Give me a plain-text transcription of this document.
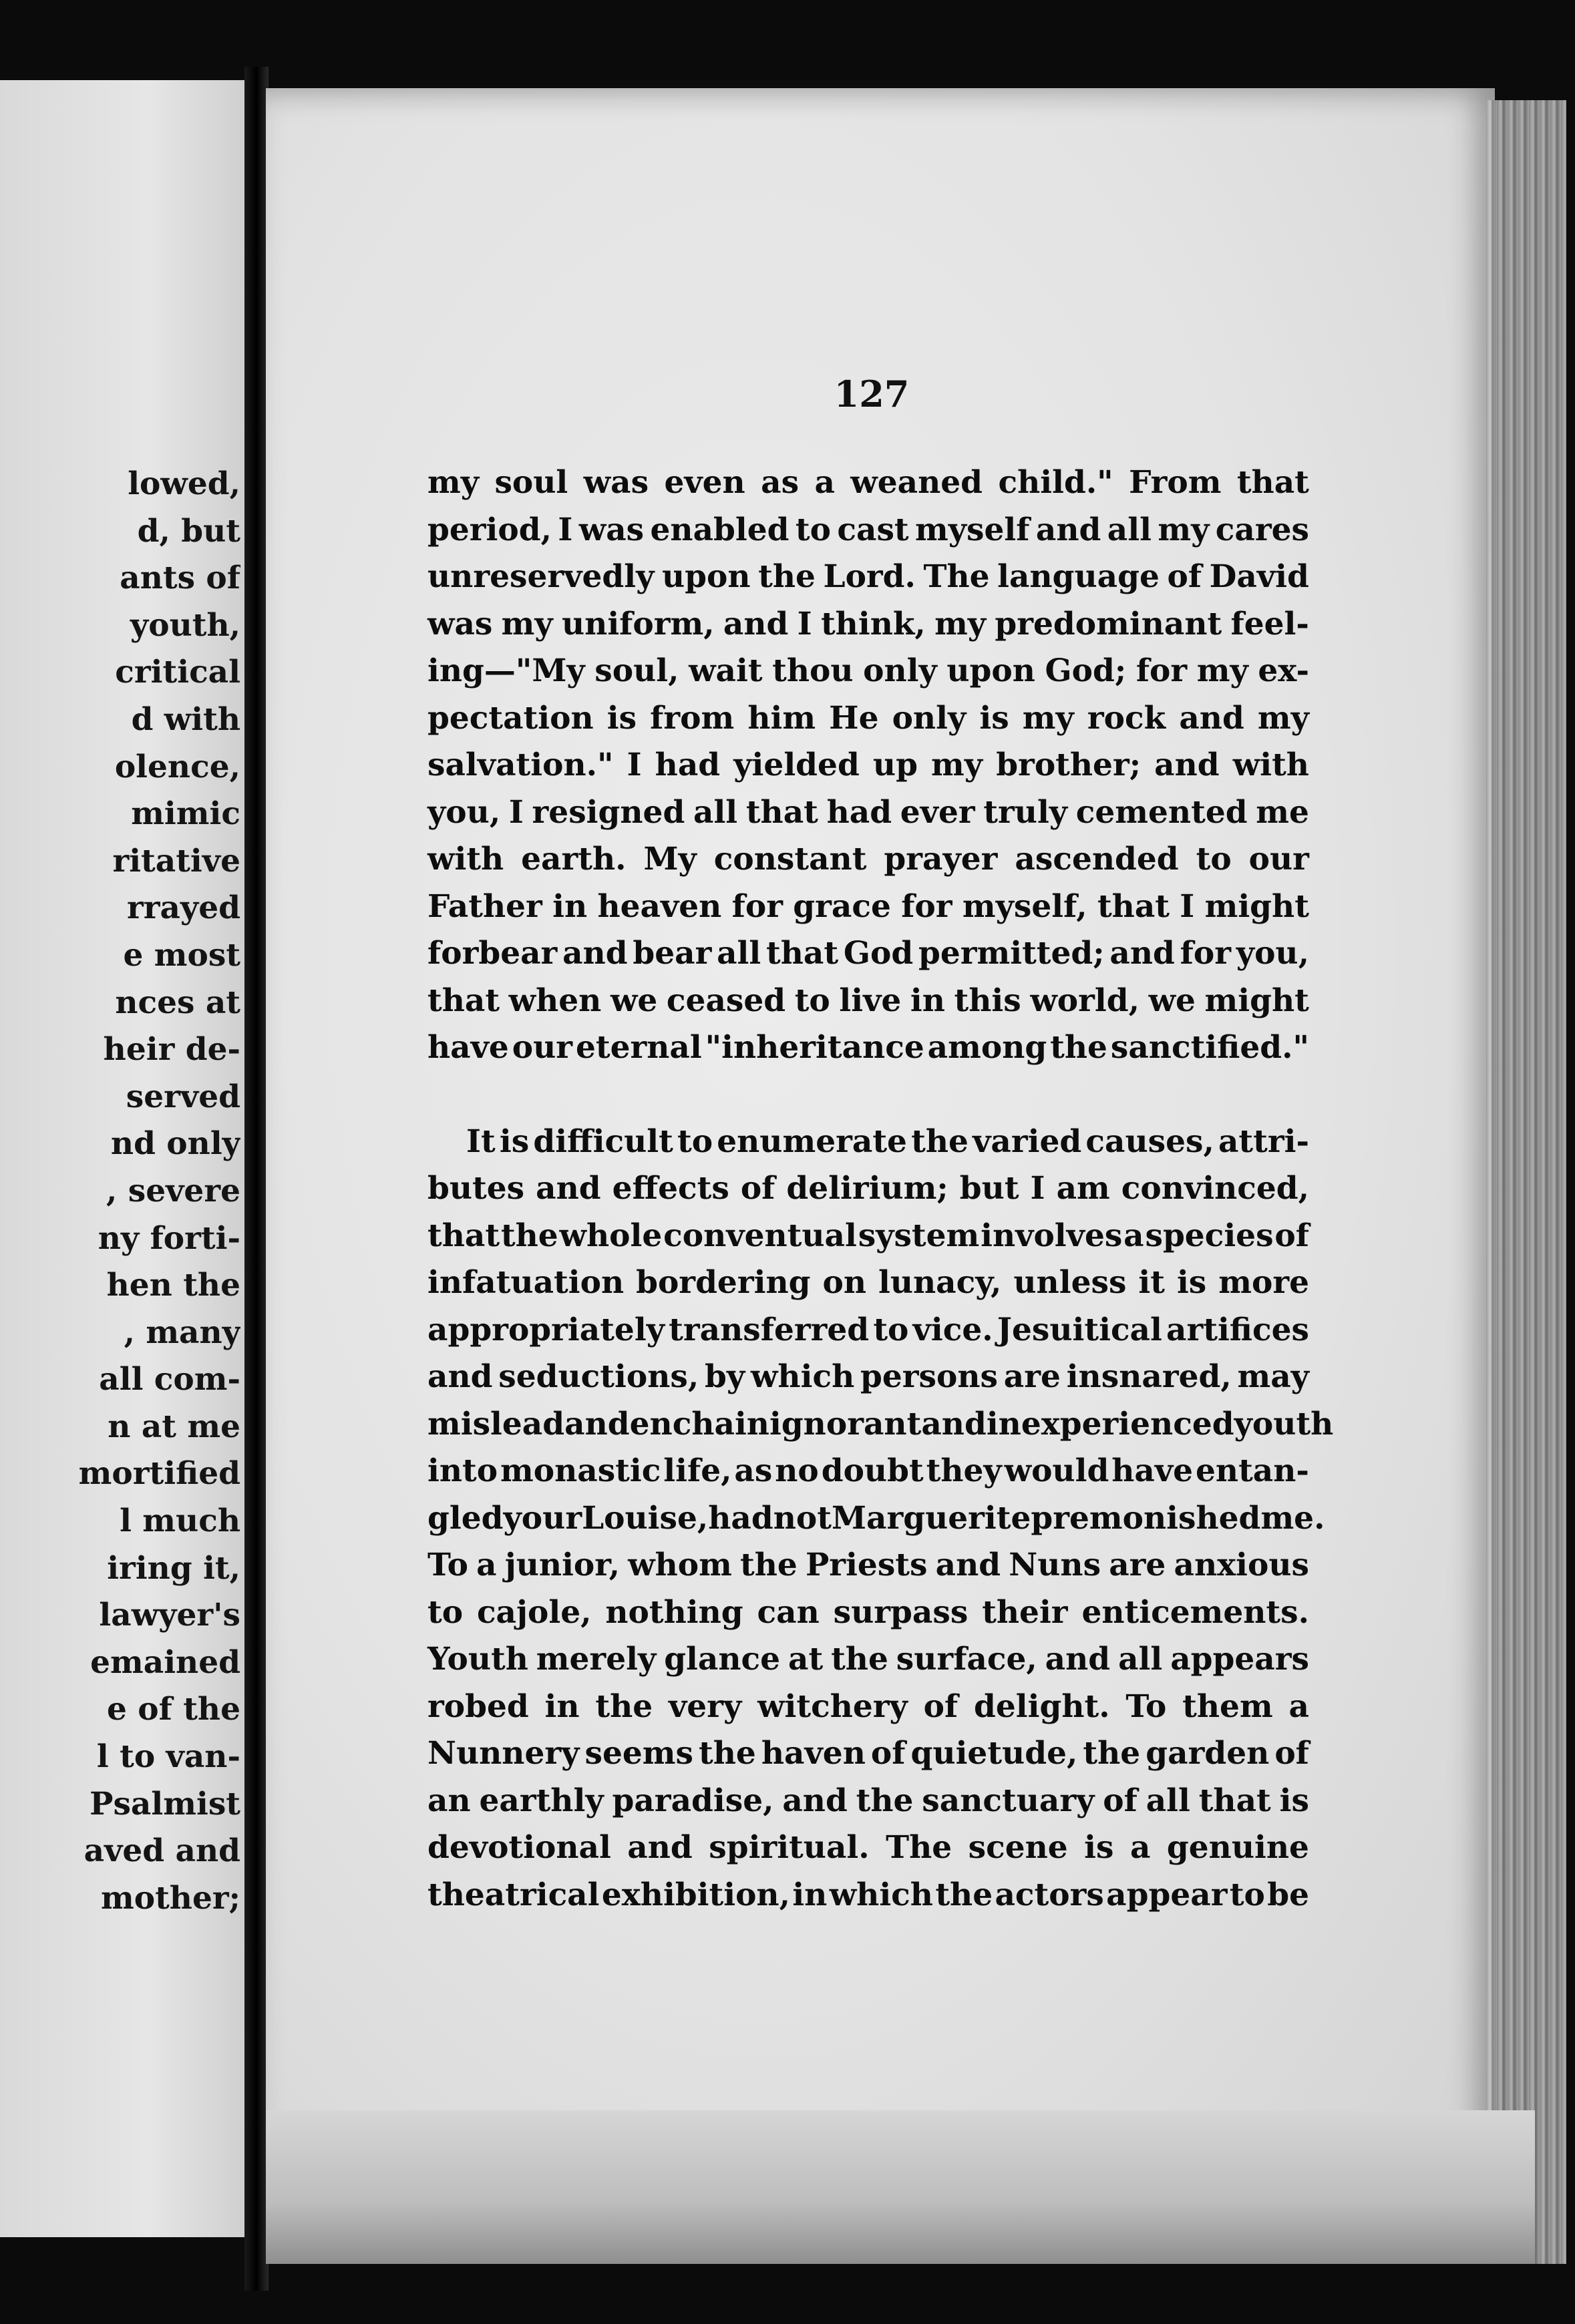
lowed,
d, but
ants of
youth,
critical
d with
olence,
mimic
ritative
rrayed
e most
nces at
heir de-
served
nd only
, severe
ny forti-
hen the
, many
all com-
n at me
mortified
l much
iring it,
lawyer's
emained
e of the
l to van-
Psalmist
aved and
mother;
127
my soul was even as a weaned child." From that
period, I was enabled to cast myself and all my cares
unreservedly upon the Lord. The language of David
was my uniform, and I think, my predominant feel-
ing—"My soul, wait thou only upon God; for my ex-
pectation is from him He only is my rock and my
salvation." I had yielded up my brother; and with
you, I resigned all that had ever truly cemented me
with earth. My constant prayer ascended to our
Father in heaven for grace for myself, that I might
forbear and bear all that God permitted; and for you,
that when we ceased to live in this world, we might
have our eternal "inheritance among the sanctified."
It is difficult to enumerate the varied causes, attri-
butes and effects of delirium; but I am convinced,
that the whole conventual system involves a species of
infatuation bordering on lunacy, unless it is more
appropriately transferred to vice. Jesuitical artifices
and seductions, by which persons are insnared, may
mislead and enchain ignorant and inexperienced youth
into monastic life, as no doubt they would have entan-
gled your Louise, had not Marguerite premonished me.
To a junior, whom the Priests and Nuns are anxious
to cajole, nothing can surpass their enticements.
Youth merely glance at the surface, and all appears
robed in the very witchery of delight. To them a
Nunnery seems the haven of quietude, the garden of
an earthly paradise, and the sanctuary of all that is
devotional and spiritual. The scene is a genuine
theatrical exhibition, in which the actors appear to be
